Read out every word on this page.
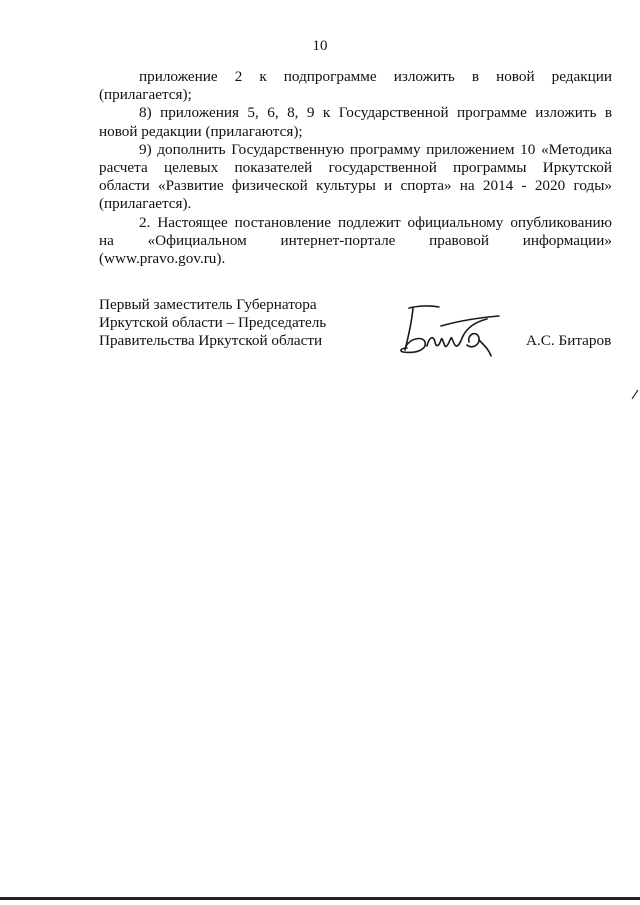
10
приложение 2 к подпрограмме изложить в новой редакции
(прилагается);
8) приложения 5, 6, 8, 9 к Государственной программе изложить в
новой редакции (прилагаются);
9) дополнить Государственную программу приложением 10 «Методика
расчета целевых показателей государственной программы Иркутской
области «Развитие физической культуры и спорта» на 2014 - 2020 годы»
(прилагается).
2. Настоящее постановление подлежит официальному опубликованию
на «Официальном интернет-портале правовой информации»
(www.pravo.gov.ru).
Первый заместитель Губернатора
Иркутской области – Председатель
Правительства Иркутской области	А.С. Битаров
